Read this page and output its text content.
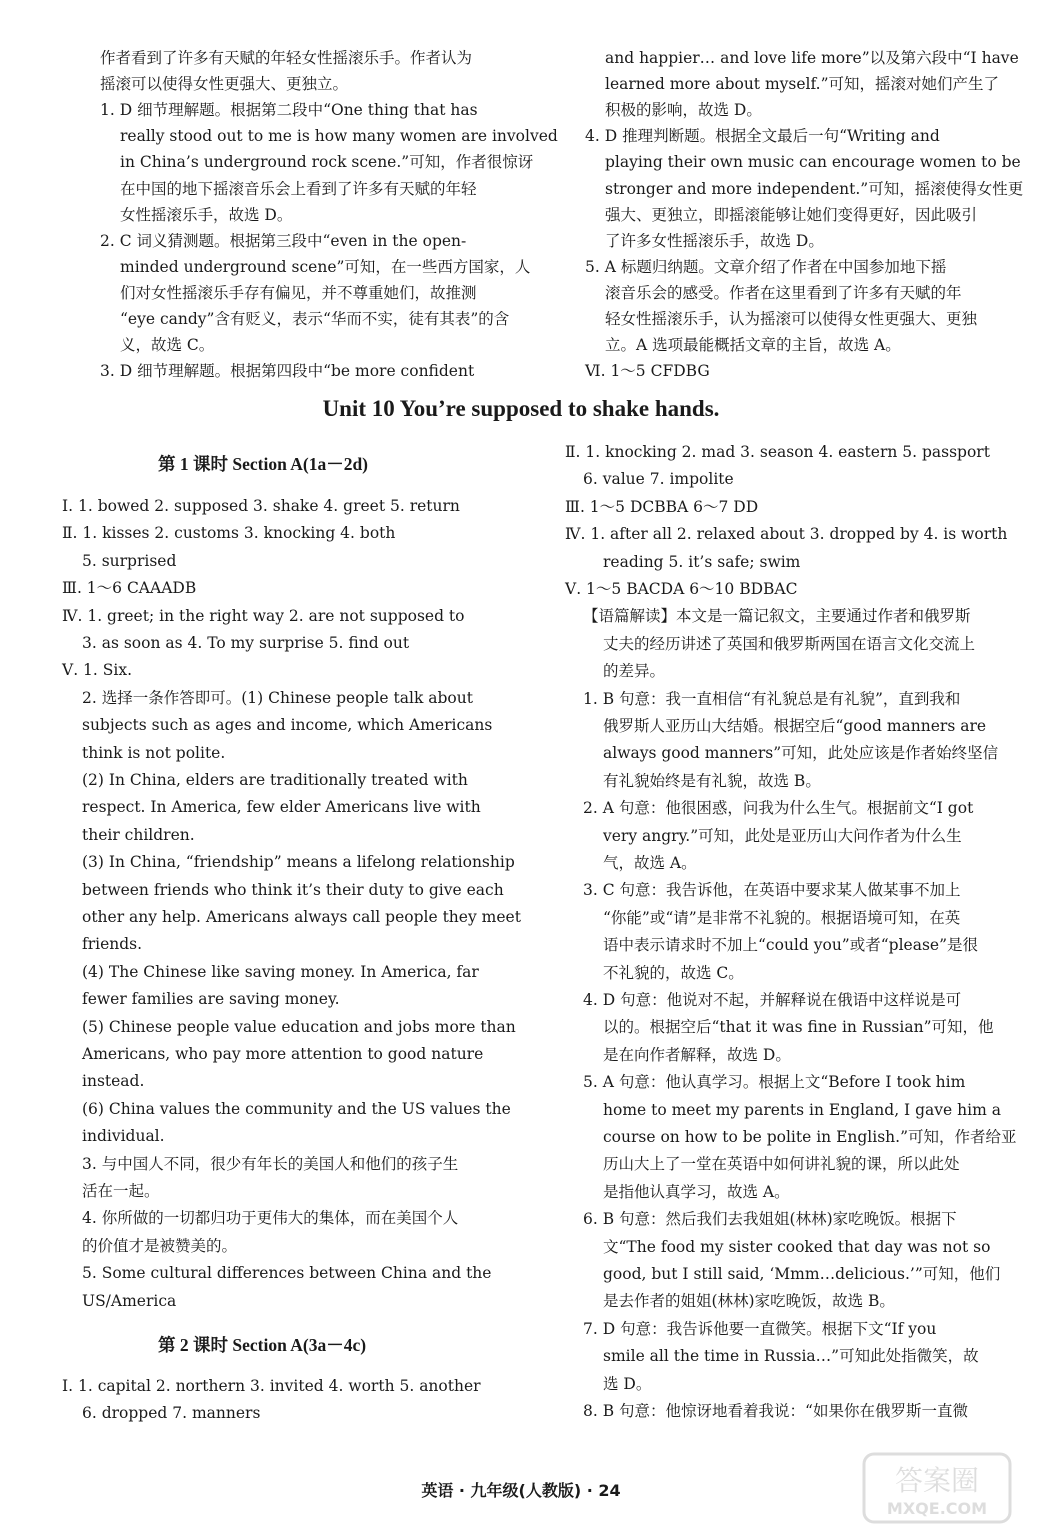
作者看到了许多有天赋的年轻女性摇滚乐手。作者认为
摇滚可以使得女性更强大、更独立。
1. D 细节理解题。根据第二段中“One thing that has
really stood out to me is how many women are involved
in China’s underground rock scene.”可知，作者很惊讶
在中国的地下摇滚音乐会上看到了许多有天赋的年轻
女性摇滚乐手，故选 D。
2. C 词义猜测题。根据第三段中“even in the open-
minded underground scene”可知，在一些西方国家，人
们对女性摇滚乐手存有偏见，并不尊重她们，故推测
“eye candy”含有贬义，表示“华而不实，徒有其表”的含
义，故选 C。
3. D 细节理解题。根据第四段中“be more confident
and happier… and love life more”以及第六段中“I have
learned more about myself.”可知，摇滚对她们产生了
积极的影响，故选 D。
4. D 推理判断题。根据全文最后一句“Writing and
playing their own music can encourage women to be
stronger and more independent.”可知，摇滚使得女性更
强大、更独立，即摇滚能够让她们变得更好，因此吸引
了许多女性摇滚乐手，故选 D。
5. A 标题归纳题。文章介绍了作者在中国参加地下摇
滚音乐会的感受。作者在这里看到了许多有天赋的年
轻女性摇滚乐手，认为摇滚可以使得女性更强大、更独
立。A 选项最能概括文章的主旨，故选 A。
Ⅵ. 1～5 CFDBG
Unit 10 You’re supposed to shake hands.
第 1 课时 Section A(1a－2d)
Ⅰ. 1. bowed 2. supposed 3. shake 4. greet 5. return
Ⅱ. 1. kisses 2. customs 3. knocking 4. both
5. surprised
Ⅲ. 1～6 CAAADB
Ⅳ. 1. greet; in the right way 2. are not supposed to
3. as soon as 4. To my surprise 5. find out
Ⅴ. 1. Six.
2. 选择一条作答即可。(1) Chinese people talk about
subjects such as ages and income, which Americans
think is not polite.
(2) In China, elders are traditionally treated with
respect. In America, few elder Americans live with
their children.
(3) In China, “friendship” means a lifelong relationship
between friends who think it’s their duty to give each
other any help. Americans always call people they meet
friends.
(4) The Chinese like saving money. In America, far
fewer families are saving money.
(5) Chinese people value education and jobs more than
Americans, who pay more attention to good nature
instead.
(6) China values the community and the US values the
individual.
3. 与中国人不同，很少有年长的美国人和他们的孩子生
活在一起。
4. 你所做的一切都归功于更伟大的集体，而在美国个人
的价值才是被赞美的。
5. Some cultural differences between China and the
US/America
第 2 课时 Section A(3a－4c)
Ⅰ. 1. capital 2. northern 3. invited 4. worth 5. another
6. dropped 7. manners
Ⅱ. 1. knocking 2. mad 3. season 4. eastern 5. passport
6. value 7. impolite
Ⅲ. 1～5 DCBBA 6～7 DD
Ⅳ. 1. after all 2. relaxed about 3. dropped by 4. is worth
reading 5. it’s safe; swim
Ⅴ. 1～5 BACDA 6～10 BDBAC
【语篇解读】本文是一篇记叙文，主要通过作者和俄罗斯
丈夫的经历讲述了英国和俄罗斯两国在语言文化交流上
的差异。
1. B 句意：我一直相信“有礼貌总是有礼貌”，直到我和
俄罗斯人亚历山大结婚。根据空后“good manners are
always good manners”可知，此处应该是作者始终坚信
有礼貌始终是有礼貌，故选 B。
2. A 句意：他很困惑，问我为什么生气。根据前文“I got
very angry.”可知，此处是亚历山大问作者为什么生
气，故选 A。
3. C 句意：我告诉他，在英语中要求某人做某事不加上
“你能”或“请”是非常不礼貌的。根据语境可知，在英
语中表示请求时不加上“could you”或者“please”是很
不礼貌的，故选 C。
4. D 句意：他说对不起，并解释说在俄语中这样说是可
以的。根据空后“that it was fine in Russian”可知，他
是在向作者解释，故选 D。
5. A 句意：他认真学习。根据上文“Before I took him
home to meet my parents in England, I gave him a
course on how to be polite in English.”可知，作者给亚
历山大上了一堂在英语中如何讲礼貌的课，所以此处
是指他认真学习，故选 A。
6. B 句意：然后我们去我姐姐(林林)家吃晚饭。根据下
文“The food my sister cooked that day was not so
good, but I still said, ‘Mmm…delicious.’”可知，他们
是去作者的姐姐(林林)家吃晚饭，故选 B。
7. D 句意：我告诉他要一直微笑。根据下文“If you
smile all the time in Russia…”可知此处指微笑，故
选 D。
8. B 句意：他惊讶地看着我说：“如果你在俄罗斯一直微
英语 · 九年级(人教版) · 24	答案圈
MXQE.COM
